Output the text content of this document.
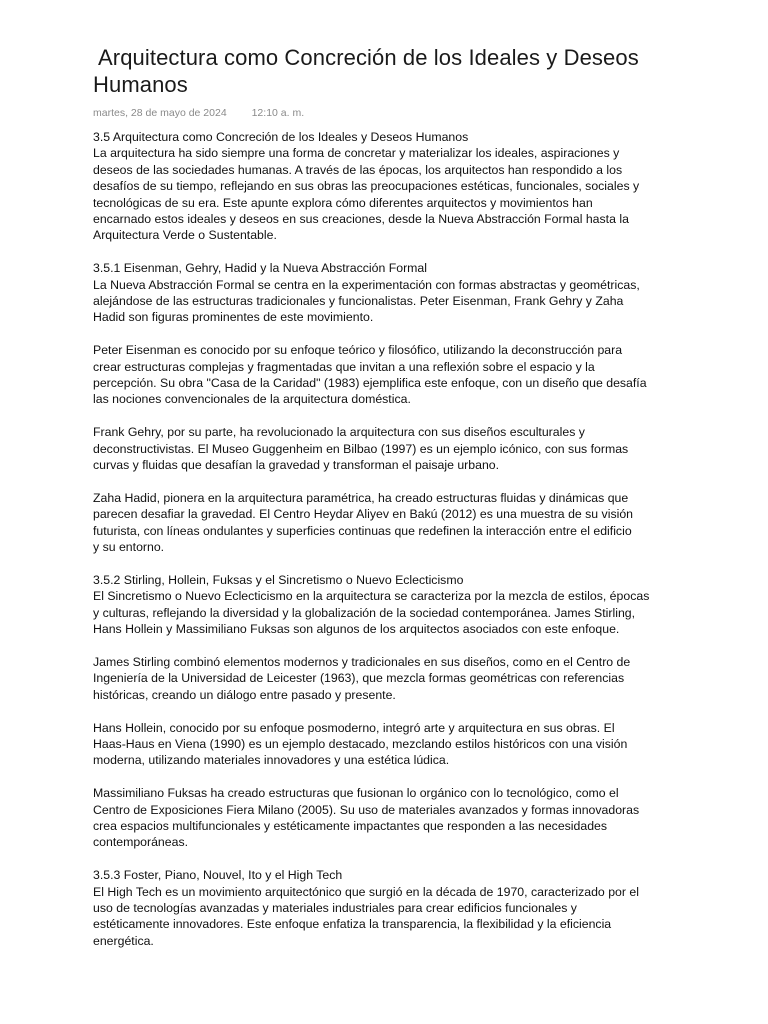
Arquitectura como Concreción de los Ideales y Deseos
Humanos
martes, 28 de mayo de 2024 12:10 a. m.
3.5 Arquitectura como Concreción de los Ideales y Deseos Humanos
La arquitectura ha sido siempre una forma de concretar y materializar los ideales, aspiraciones y
deseos de las sociedades humanas. A través de las épocas, los arquitectos han respondido a los
desafíos de su tiempo, reflejando en sus obras las preocupaciones estéticas, funcionales, sociales y
tecnológicas de su era. Este apunte explora cómo diferentes arquitectos y movimientos han
encarnado estos ideales y deseos en sus creaciones, desde la Nueva Abstracción Formal hasta la
Arquitectura Verde o Sustentable.
3.5.1 Eisenman, Gehry, Hadid y la Nueva Abstracción Formal
La Nueva Abstracción Formal se centra en la experimentación con formas abstractas y geométricas,
alejándose de las estructuras tradicionales y funcionalistas. Peter Eisenman, Frank Gehry y Zaha
Hadid son figuras prominentes de este movimiento.
Peter Eisenman es conocido por su enfoque teórico y filosófico, utilizando la deconstrucción para
crear estructuras complejas y fragmentadas que invitan a una reflexión sobre el espacio y la
percepción. Su obra "Casa de la Caridad" (1983) ejemplifica este enfoque, con un diseño que desafía
las nociones convencionales de la arquitectura doméstica.
Frank Gehry, por su parte, ha revolucionado la arquitectura con sus diseños esculturales y
deconstructivistas. El Museo Guggenheim en Bilbao (1997) es un ejemplo icónico, con sus formas
curvas y fluidas que desafían la gravedad y transforman el paisaje urbano.
Zaha Hadid, pionera en la arquitectura paramétrica, ha creado estructuras fluidas y dinámicas que
parecen desafiar la gravedad. El Centro Heydar Aliyev en Bakú (2012) es una muestra de su visión
futurista, con líneas ondulantes y superficies continuas que redefinen la interacción entre el edificio
y su entorno.
3.5.2 Stirling, Hollein, Fuksas y el Sincretismo o Nuevo Eclecticismo
El Sincretismo o Nuevo Eclecticismo en la arquitectura se caracteriza por la mezcla de estilos, épocas
y culturas, reflejando la diversidad y la globalización de la sociedad contemporánea. James Stirling,
Hans Hollein y Massimiliano Fuksas son algunos de los arquitectos asociados con este enfoque.
James Stirling combinó elementos modernos y tradicionales en sus diseños, como en el Centro de
Ingeniería de la Universidad de Leicester (1963), que mezcla formas geométricas con referencias
históricas, creando un diálogo entre pasado y presente.
Hans Hollein, conocido por su enfoque posmoderno, integró arte y arquitectura en sus obras. El
Haas-Haus en Viena (1990) es un ejemplo destacado, mezclando estilos históricos con una visión
moderna, utilizando materiales innovadores y una estética lúdica.
Massimiliano Fuksas ha creado estructuras que fusionan lo orgánico con lo tecnológico, como el
Centro de Exposiciones Fiera Milano (2005). Su uso de materiales avanzados y formas innovadoras
crea espacios multifuncionales y estéticamente impactantes que responden a las necesidades
contemporáneas.
3.5.3 Foster, Piano, Nouvel, Ito y el High Tech
El High Tech es un movimiento arquitectónico que surgió en la década de 1970, caracterizado por el
uso de tecnologías avanzadas y materiales industriales para crear edificios funcionales y
estéticamente innovadores. Este enfoque enfatiza la transparencia, la flexibilidad y la eficiencia
energética.
